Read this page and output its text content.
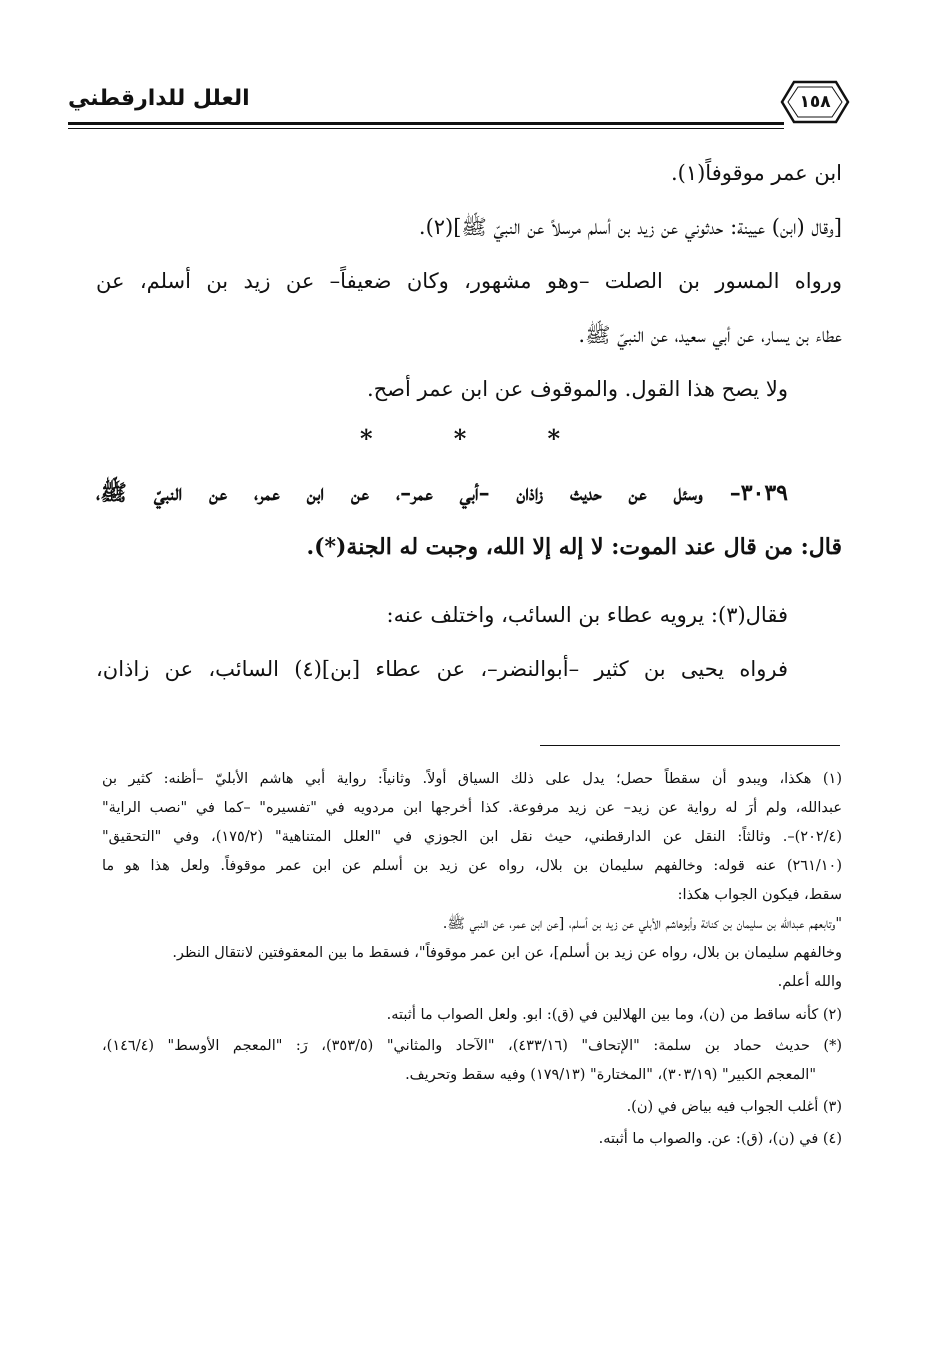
١٥٨
العلل للدارقطني
ابن عمر موقوفاً(١).
[وقال (ابن) عيينة: حدثوني عن زيد بن أسلم مرسلاً عن النبيّ ﷺ](٢).
ورواه المسور بن الصلت –وهو مشهور، وكان ضعيفاً– عن زيد بن أسلم، عن
عطاء بن يسار، عن أبي سعيد، عن النبيّ ﷺ.
ولا يصح هذا القول. والموقوف عن ابن عمر أصح.
*	*	*
٣٠٣٩– وسئل عن حديث زاذان –أبي عمر–، عن ابن عمر، عن النبيّ ﷺ،
قال: من قال عند الموت: لا إله إلا الله، وجبت له الجنة(*).
فقال(٣): يرويه عطاء بن السائب، واختلف عنه:
فرواه يحيى بن كثير –أبوالنضر–، عن عطاء [بن](٤) السائب، عن زاذان،
(١) هكذا، ويبدو أن سقطاً حصل؛ يدل على ذلك السياق أولاً. وثانياً: رواية أبي هاشم الأبليّ –أظنه: كثير بن
عبدالله، ولم أرَ له رواية عن زيد– عن زيد مرفوعة. كذا أخرجها ابن مردويه في "تفسيره" –كما في "نصب الراية"
(٢٠٢/٤)–. وثالثاً: النقل عن الدارقطني، حيث نقل ابن الجوزي في "العلل المتناهية" (١٧٥/٢)، وفي "التحقيق"
(٢٦١/١٠) عنه قوله: وخالفهم سليمان بن بلال، رواه عن زيد بن أسلم عن ابن عمر موقوفاً. ولعل هذا هو ما
سقط، فيكون الجواب هكذا:
"وتابعهم عبدالله بن سليمان بن كنانة وأبوهاشم الأبلي عن زيد بن أسلم، [عن ابن عمر، عن النبي ﷺ.
وخالفهم سليمان بن بلال، رواه عن زيد بن أسلم]، عن ابن عمر موقوفاً"، فسقط ما بين المعقوفتين لانتقال النظر.
والله أعلم.
(٢) كأنه ساقط من (ن)، وما بين الهلالين في (ق): ابو. ولعل الصواب ما أثبته.
(*) حديث حماد بن سلمة: "الإتحاف" (٤٣٣/١٦)، "الآحاد والمثاني" (٣٥٣/٥)، رَ: "المعجم الأوسط" (١٤٦/٤)،
"المعجم الكبير" (٣٠٣/١٩)، "المختارة" (١٧٩/١٣) وفيه سقط وتحريف.
(٣) أغلب الجواب فيه بياض في (ن).
(٤) في (ن)، (ق): عن. والصواب ما أثبته.
